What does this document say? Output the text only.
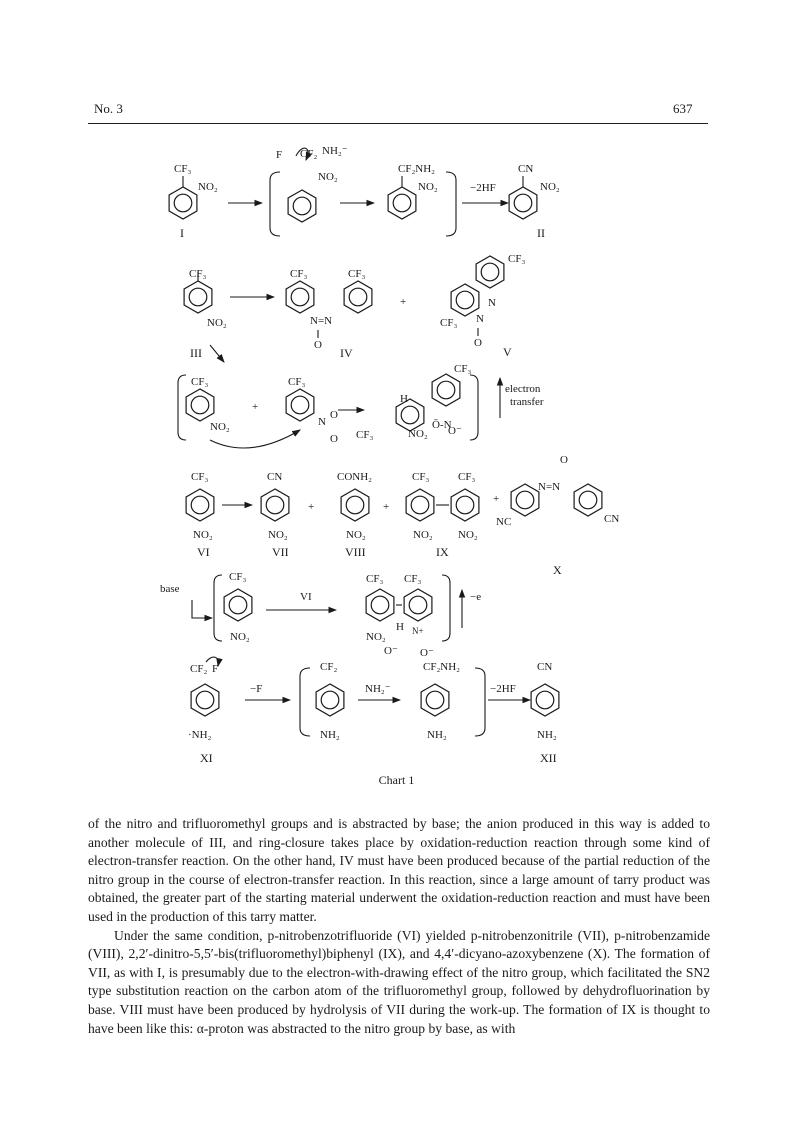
No. 3	637
CF₃
NO₂
I
CF₂
F	NH₂⁻
NO₂
CF₂NH₂
NO₂	−2HF
CN
NO₂
II
CF₃
NO₂
III
CF₃	CF₃
N=N
O
IV
+
CF₃
N
N
O
CF₃
V
CF₃
NO₂
+
CF₃
N
O
O
CF₃
H
Ō-N
O⁻
CF₃	NO₂
electron
transfer
CF₃
NO₂
VI
CN
NO₂
VII
+
CONH₂
NO₂
VIII
+
CF₃	CF₃
NO₂ NO₂
IX
+
N=N
O
NC	CN
X
base
CF₃
NO₂
VI
CF₃ CF₃
NO₂
H N+
O⁻ O⁻
−e
CF₂ F
·NH₂
XI
−F
CF₂
NH₂
NH₂⁻
CF₂NH₂
NH₂
−2HF
CN
NH₂
XII
Chart 1

of the nitro and trifluoromethyl groups and is abstracted by base; the anion produced in this way is added to another molecule of III, and ring-closure takes place by oxidation-reduction reaction through some kind of electron-transfer reaction. On the other hand, IV must have been produced because of the partial reduction of the nitro group in the course of electron-transfer reaction. In this reaction, since a large amount of tarry product was obtained, the greater part of the starting material underwent the oxidation-reduction reaction and must have been used in the production of this tarry matter.

Under the same condition, p-nitrobenzotrifluoride (VI) yielded p-nitrobenzonitrile (VII), p-nitrobenzamide (VIII), 2,2′-dinitro-5,5′-bis(trifluoromethyl)biphenyl (IX), and 4,4′-dicyano-azoxybenzene (X). The formation of VII, as with I, is presumably due to the electron-with-drawing effect of the nitro group, which facilitated the SN2 type substitution reaction on the carbon atom of the trifluoromethyl group, followed by dehydrofluorination by base. VIII must have been produced by hydrolysis of VII during the work-up. The formation of IX is thought to have been like this: α-proton was abstracted to the nitro group by base, as with
